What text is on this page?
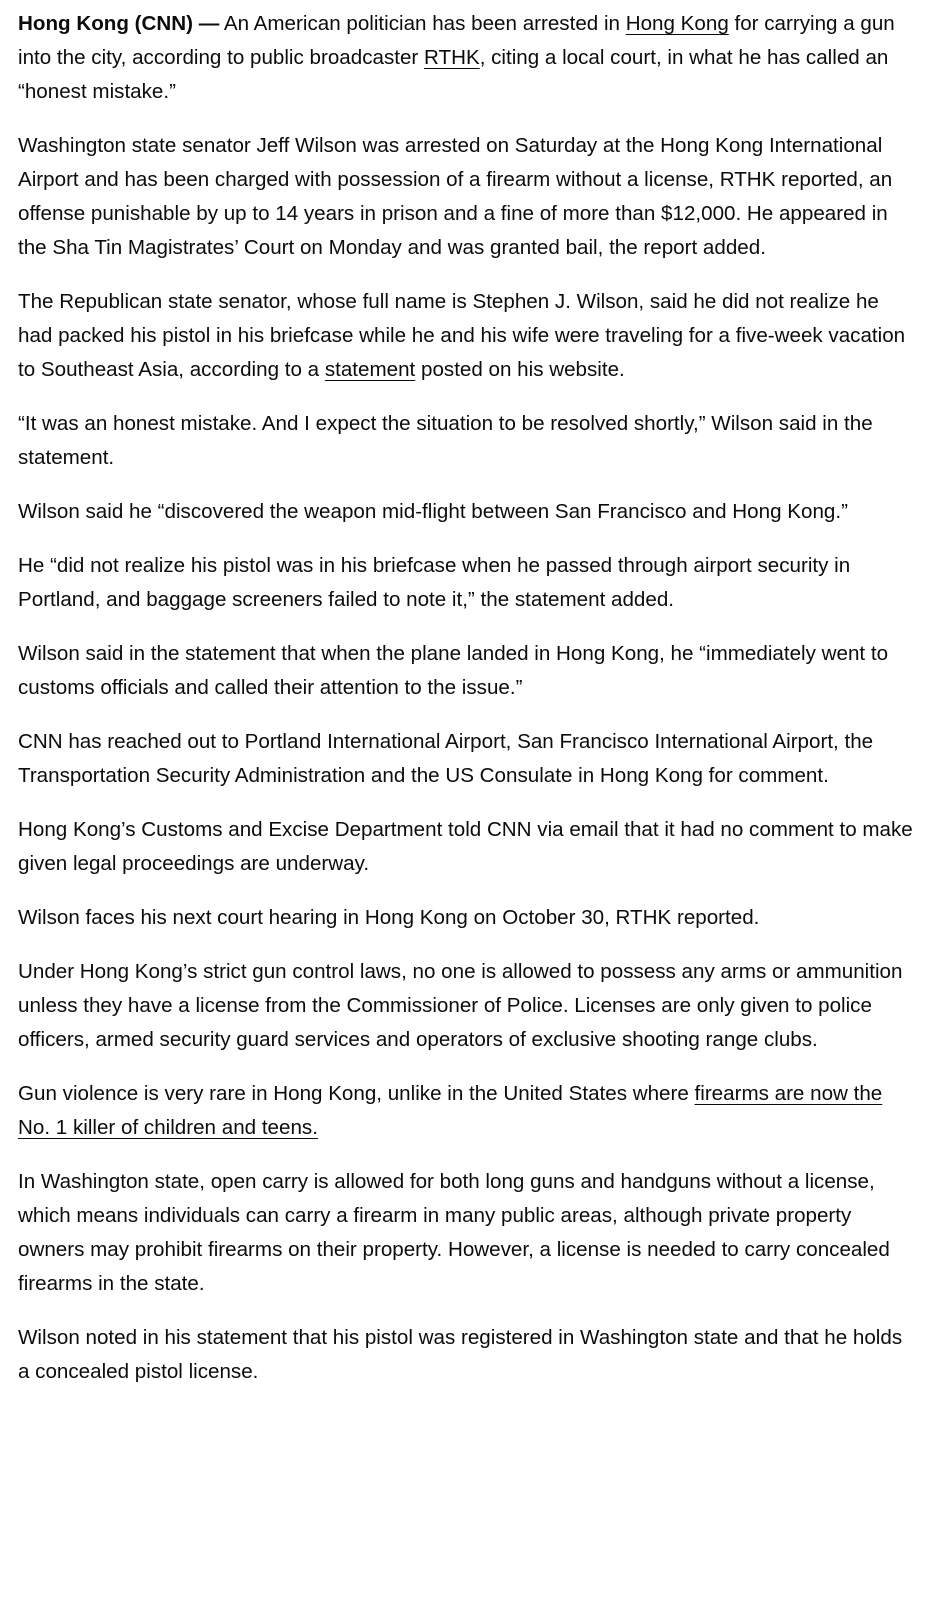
Hong Kong (CNN) — An American politician has been arrested in Hong Kong for carrying a gun into the city, according to public broadcaster RTHK, citing a local court, in what he has called an “honest mistake.”

Washington state senator Jeff Wilson was arrested on Saturday at the Hong Kong International Airport and has been charged with possession of a firearm without a license, RTHK reported, an offense punishable by up to 14 years in prison and a fine of more than $12,000. He appeared in the Sha Tin Magistrates’ Court on Monday and was granted bail, the report added.

The Republican state senator, whose full name is Stephen J. Wilson, said he did not realize he had packed his pistol in his briefcase while he and his wife were traveling for a five-week vacation to Southeast Asia, according to a statement posted on his website.

“It was an honest mistake. And I expect the situation to be resolved shortly,” Wilson said in the statement.

Wilson said he “discovered the weapon mid-flight between San Francisco and Hong Kong.”

He “did not realize his pistol was in his briefcase when he passed through airport security in Portland, and baggage screeners failed to note it,” the statement added.

Wilson said in the statement that when the plane landed in Hong Kong, he “immediately went to customs officials and called their attention to the issue.”

CNN has reached out to Portland International Airport, San Francisco International Airport, the Transportation Security Administration and the US Consulate in Hong Kong for comment.

Hong Kong’s Customs and Excise Department told CNN via email that it had no comment to make given legal proceedings are underway.

Wilson faces his next court hearing in Hong Kong on October 30, RTHK reported.

Under Hong Kong’s strict gun control laws, no one is allowed to possess any arms or ammunition unless they have a license from the Commissioner of Police. Licenses are only given to police officers, armed security guard services and operators of exclusive shooting range clubs.

Gun violence is very rare in Hong Kong, unlike in the United States where firearms are now the No. 1 killer of children and teens.

In Washington state, open carry is allowed for both long guns and handguns without a license, which means individuals can carry a firearm in many public areas, although private property owners may prohibit firearms on their property. However, a license is needed to carry concealed firearms in the state.

Wilson noted in his statement that his pistol was registered in Washington state and that he holds a concealed pistol license.
